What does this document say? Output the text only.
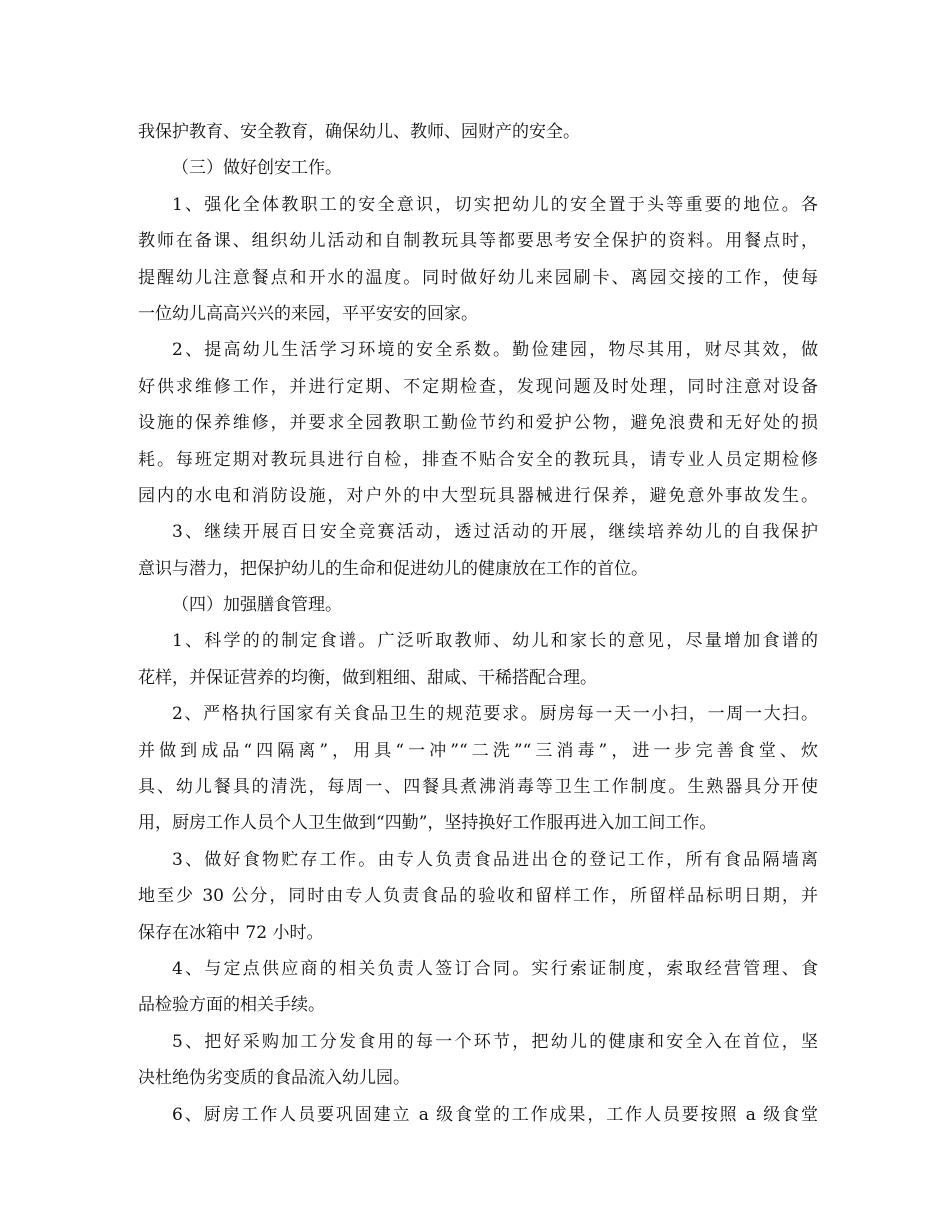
我保护教育、安全教育，确保幼儿、教师、园财产的安全。
（三）做好创安工作。
1、强化全体教职工的安全意识，切实把幼儿的安全置于头等重要的地位。各
教师在备课、组织幼儿活动和自制教玩具等都要思考安全保护的资料。用餐点时，
提醒幼儿注意餐点和开水的温度。同时做好幼儿来园刷卡、离园交接的工作，使每
一位幼儿高高兴兴的来园，平平安安的回家。
2、提高幼儿生活学习环境的安全系数。勤俭建园，物尽其用，财尽其效，做
好供求维修工作，并进行定期、不定期检查，发现问题及时处理，同时注意对设备
设施的保养维修，并要求全园教职工勤俭节约和爱护公物，避免浪费和无好处的损
耗。每班定期对教玩具进行自检，排查不贴合安全的教玩具，请专业人员定期检修
园内的水电和消防设施，对户外的中大型玩具器械进行保养，避免意外事故发生。
3、继续开展百日安全竞赛活动，透过活动的开展，继续培养幼儿的自我保护
意识与潜力，把保护幼儿的生命和促进幼儿的健康放在工作的首位。
（四）加强膳食管理。
1、科学的的制定食谱。广泛听取教师、幼儿和家长的意见，尽量增加食谱的
花样，并保证营养的均衡，做到粗细、甜咸、干稀搭配合理。
2、严格执行国家有关食品卫生的规范要求。厨房每一天一小扫，一周一大扫。
并做到成品“四隔离”，用具“一冲”“二洗”“三消毒”，进一步完善食堂、炊
具、幼儿餐具的清洗，每周一、四餐具煮沸消毒等卫生工作制度。生熟器具分开使
用，厨房工作人员个人卫生做到“四勤”，坚持换好工作服再进入加工间工作。
3、做好食物贮存工作。由专人负责食品进出仓的登记工作，所有食品隔墙离
地至少 30 公分，同时由专人负责食品的验收和留样工作，所留样品标明日期，并
保存在冰箱中 72 小时。
4、与定点供应商的相关负责人签订合同。实行索证制度，索取经营管理、食
品检验方面的相关手续。
5、把好采购加工分发食用的每一个环节，把幼儿的健康和安全入在首位，坚
决杜绝伪劣变质的食品流入幼儿园。
6、厨房工作人员要巩固建立 a 级食堂的工作成果，工作人员要按照 a 级食堂
